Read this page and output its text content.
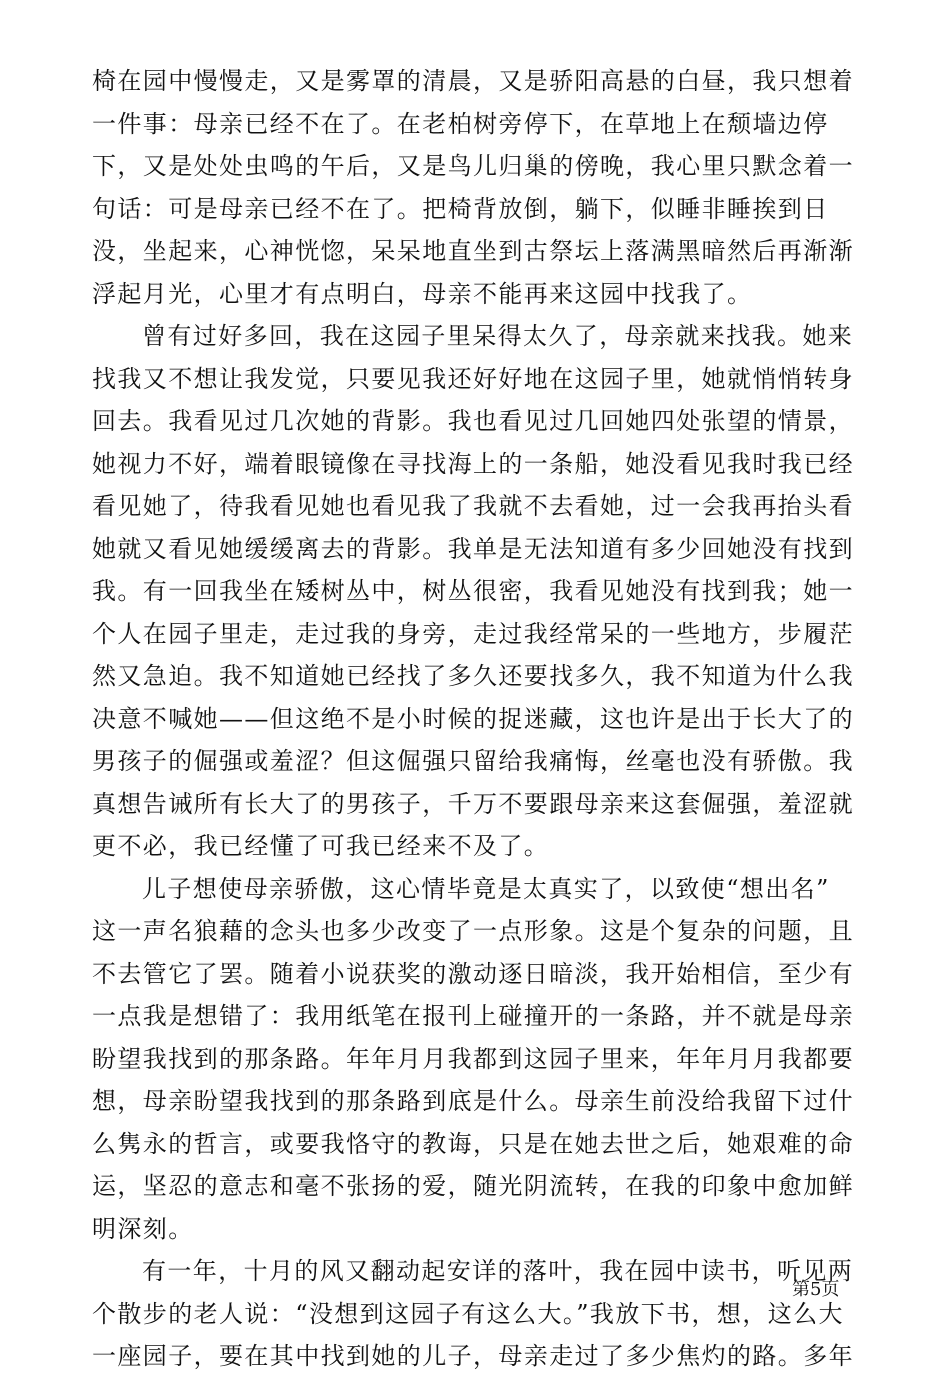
椅在园中慢慢走，又是雾罩的清晨，又是骄阳高悬的白昼，我只想着
一件事：母亲已经不在了。在老柏树旁停下，在草地上在颓墙边停
下，又是处处虫鸣的午后，又是鸟儿归巢的傍晚，我心里只默念着一
句话：可是母亲已经不在了。把椅背放倒，躺下，似睡非睡挨到日
没，坐起来，心神恍惚，呆呆地直坐到古祭坛上落满黑暗然后再渐渐
浮起月光，心里才有点明白，母亲不能再来这园中找我了。
曾有过好多回，我在这园子里呆得太久了，母亲就来找我。她来
找我又不想让我发觉，只要见我还好好地在这园子里，她就悄悄转身
回去。我看见过几次她的背影。我也看见过几回她四处张望的情景，
她视力不好，端着眼镜像在寻找海上的一条船，她没看见我时我已经
看见她了，待我看见她也看见我了我就不去看她，过一会我再抬头看
她就又看见她缓缓离去的背影。我单是无法知道有多少回她没有找到
我。有一回我坐在矮树丛中，树丛很密，我看见她没有找到我；她一
个人在园子里走，走过我的身旁，走过我经常呆的一些地方，步履茫
然又急迫。我不知道她已经找了多久还要找多久，我不知道为什么我
决意不喊她——但这绝不是小时候的捉迷藏，这也许是出于长大了的
男孩子的倔强或羞涩？但这倔强只留给我痛悔，丝毫也没有骄傲。我
真想告诫所有长大了的男孩子，千万不要跟母亲来这套倔强，羞涩就
更不必，我已经懂了可我已经来不及了。
儿子想使母亲骄傲，这心情毕竟是太真实了，以致使“想出名”
这一声名狼藉的念头也多少改变了一点形象。这是个复杂的问题，且
不去管它了罢。随着小说获奖的激动逐日暗淡，我开始相信，至少有
一点我是想错了：我用纸笔在报刊上碰撞开的一条路，并不就是母亲
盼望我找到的那条路。年年月月我都到这园子里来，年年月月我都要
想，母亲盼望我找到的那条路到底是什么。母亲生前没给我留下过什
么隽永的哲言，或要我恪守的教诲，只是在她去世之后，她艰难的命
运，坚忍的意志和毫不张扬的爱，随光阴流转，在我的印象中愈加鲜
明深刻。
有一年，十月的风又翻动起安详的落叶，我在园中读书，听见两
个散步的老人说：“没想到这园子有这么大。”我放下书，想，这么大
一座园子，要在其中找到她的儿子，母亲走过了多少焦灼的路。多年
第5页
